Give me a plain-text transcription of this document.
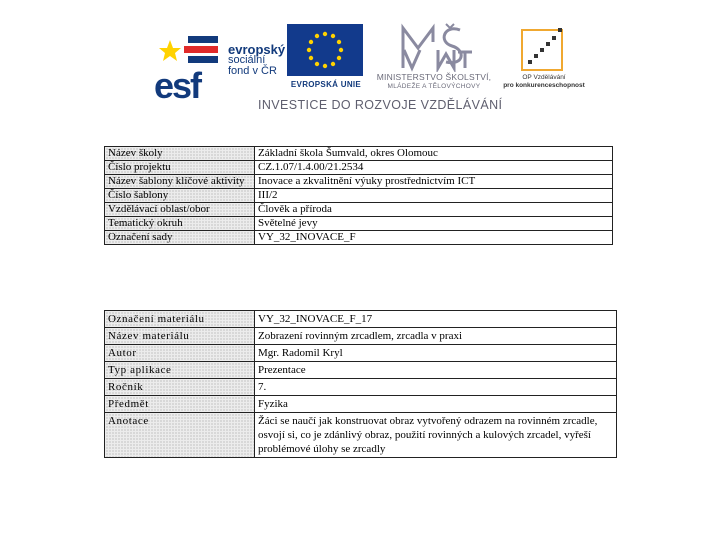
esf
evropský
sociální
fond v ČR
EVROPSKÁ UNIE
MINISTERSTVO ŠKOLSTVÍ,
MLÁDEŽE A TĚLOVÝCHOVY
OP Vzdělávání
pro konkurenceschopnost
INVESTICE DO ROZVOJE VZDĚLÁVÁNÍ
Název školy	Základní škola Šumvald, okres Olomouc
Číslo projektu	CZ.1.07/1.4.00/21.2534
Název šablony klíčové aktivity	Inovace a zkvalitnění výuky prostřednictvím ICT
Číslo šablony	III/2
Vzdělávací oblast/obor	Člověk a příroda
Tematický okruh	Světelné jevy
Označení sady	VY_32_INOVACE_F
Označení materiálu	VY_32_INOVACE_F_17
Název materiálu	Zobrazení rovinným zrcadlem, zrcadla v praxi
Autor	Mgr. Radomil Kryl
Typ aplikace	Prezentace
Ročník	7.
Předmět	Fyzika
Anotace	Žáci se naučí jak konstruovat obraz vytvořený odrazem na rovinném zrcadle, osvojí si, co je zdánlivý obraz, použití rovinných a kulových zrcadel, vyřeší problémové úlohy se zrcadly
